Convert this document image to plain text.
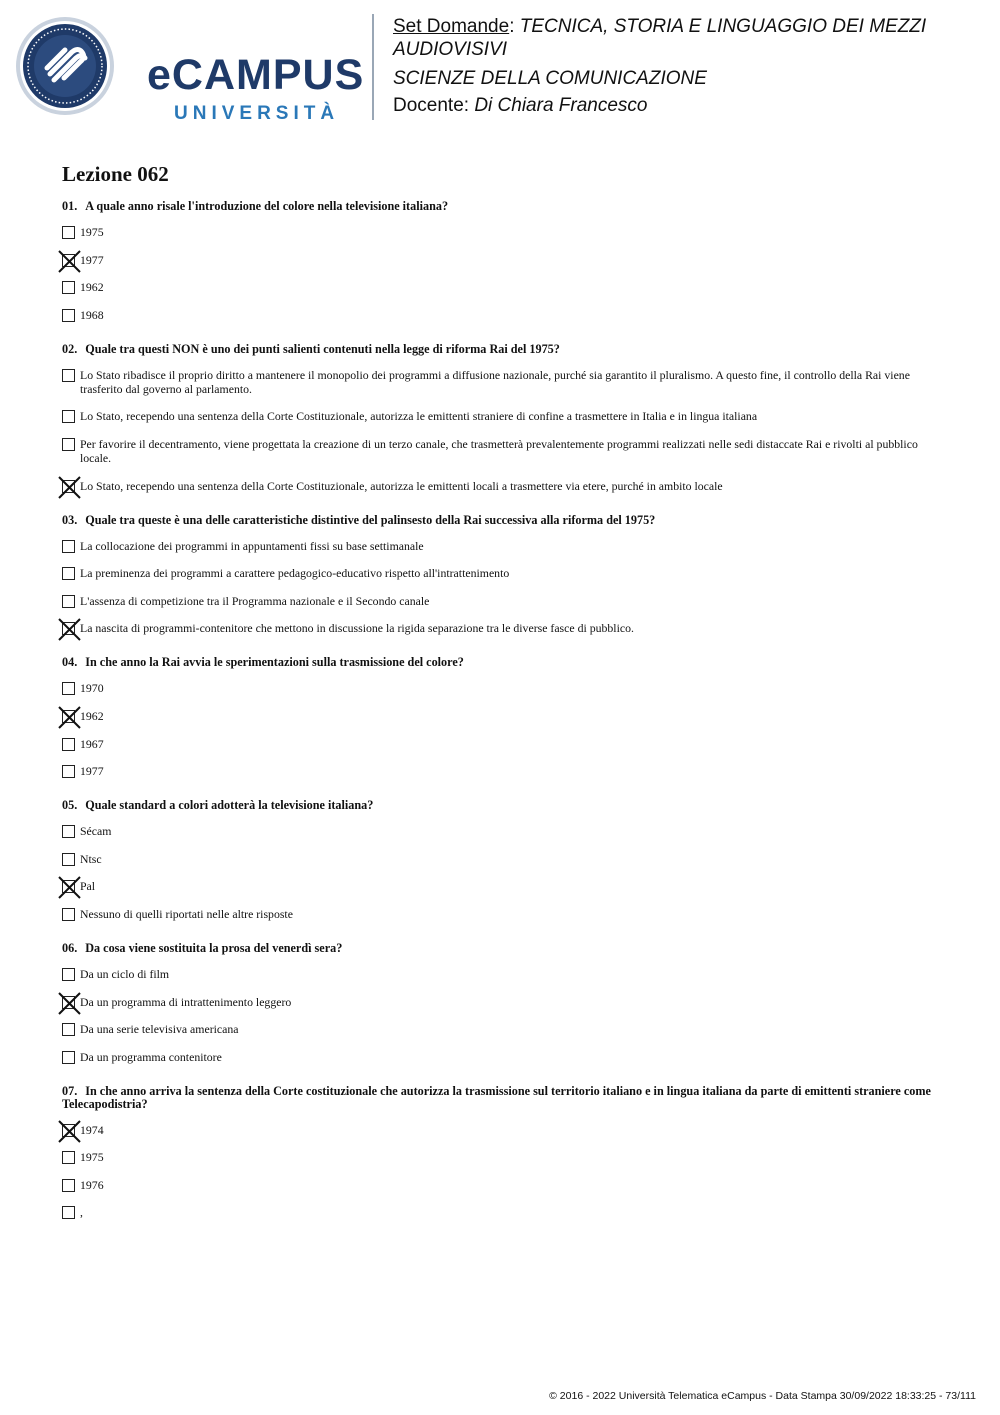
eCAMPUS

UNIVERSITÀ

Set Domande: TECNICA, STORIA E LINGUAGGIO DEI MEZZI AUDIOVISIVI

SCIENZE DELLA COMUNICAZIONE

Docente: Di Chiara Francesco

Lezione 062

01. A quale anno risale l'introduzione del colore nella televisione italiana?

1975
1977
1962
1968

02. Quale tra questi NON è uno dei punti salienti contenuti nella legge di riforma Rai del 1975?

Lo Stato ribadisce il proprio diritto a mantenere il monopolio dei programmi a diffusione nazionale, purché sia garantito il pluralismo. A questo fine, il controllo della Rai viene trasferito dal governo al parlamento.
Lo Stato, recependo una sentenza della Corte Costituzionale, autorizza le emittenti straniere di confine a trasmettere in Italia e in lingua italiana
Per favorire il decentramento, viene progettata la creazione di un terzo canale, che trasmetterà prevalentemente programmi realizzati nelle sedi distaccate Rai e rivolti al pubblico locale.
Lo Stato, recependo una sentenza della Corte Costituzionale, autorizza le emittenti locali a trasmettere via etere, purché in ambito locale

03. Quale tra queste è una delle caratteristiche distintive del palinsesto della Rai successiva alla riforma del 1975?

La collocazione dei programmi in appuntamenti fissi su base settimanale
La preminenza dei programmi a carattere pedagogico-educativo rispetto all'intrattenimento
L'assenza di competizione tra il Programma nazionale e il Secondo canale
La nascita di programmi-contenitore che mettono in discussione la rigida separazione tra le diverse fasce di pubblico.

04. In che anno la Rai avvia le sperimentazioni sulla trasmissione del colore?

1970
1962
1967
1977

05. Quale standard a colori adotterà la televisione italiana?

Sécam
Ntsc
Pal
Nessuno di quelli riportati nelle altre risposte

06. Da cosa viene sostituita la prosa del venerdì sera?

Da un ciclo di film
Da un programma di intrattenimento leggero
Da una serie televisiva americana
Da un programma contenitore

07. In che anno arriva la sentenza della Corte costituzionale che autorizza la trasmissione sul territorio italiano e in lingua italiana da parte di emittenti straniere come Telecapodistria?

1974
1975
1976
,
© 2016 - 2022 Università Telematica eCampus - Data Stampa 30/09/2022 18:33:25 - 73/111
